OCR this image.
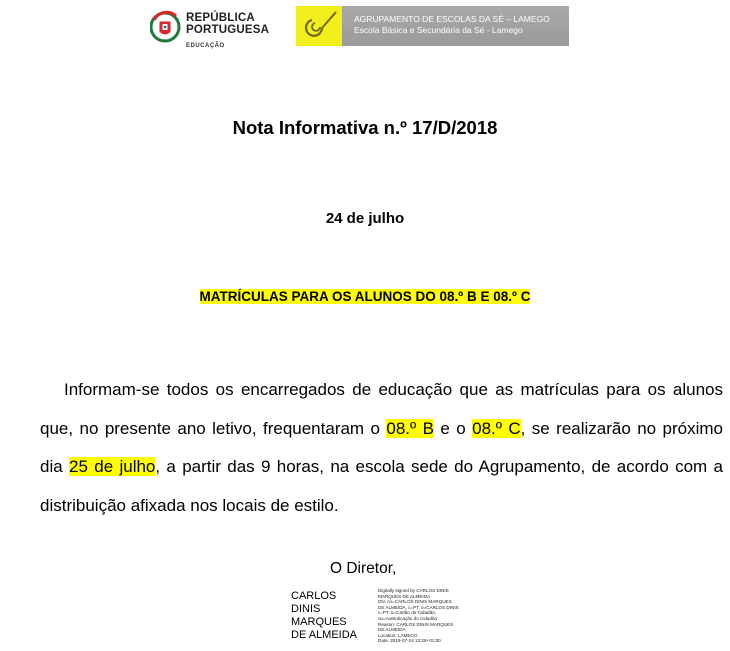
REPÚBLICA
PORTUGUESA
EDUCAÇÃO
AGRUPAMENTO DE ESCOLAS DA SÉ – LAMEGO
Escola Básica e Secundária da Sé - Lamego
Nota Informativa n.º 17/D/2018
24 de julho
MATRÍCULAS PARA OS ALUNOS DO 08.º B E 08.º C
Informam-se todos os encarregados de educação que as matrículas para os alunos que, no presente ano letivo, frequentaram o 08.º B e o 08.º C, se realizarão no próximo dia 25 de julho, a partir das 9 horas, na escola sede do Agrupamento, de acordo com a distribuição afixada nos locais de estilo.
O Diretor,
CARLOS
DINIS
MARQUES
DE ALMEIDA
Digitally signed by CARLOS DINIS
MARQUES DE ALMEIDA
DN: cn=CARLOS DINIS MARQUES
DE ALMEIDA, c=PT, o=CARLOS DINIS
c=PT, o=Cartão de Cidadão,
ou=Autenticação do Cidadão
Reason: CARLOS DINIS MARQUES
DE ALMEIDA
Location: LAMEGO
Date: 2018-07-24 12:28+01:00
